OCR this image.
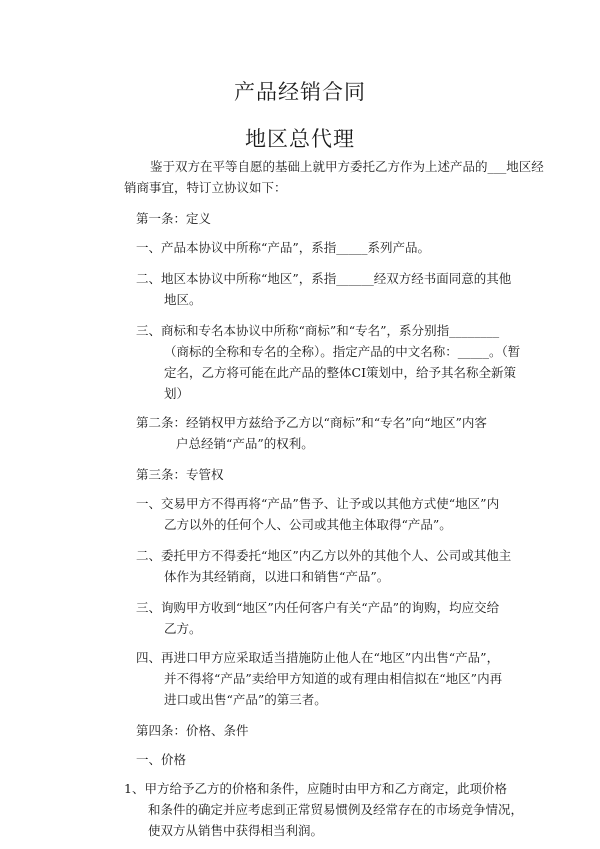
产品经销合同
地区总代理
鉴于双方在平等自愿的基础上就甲方委托乙方作为上述产品的___地区经
销商事宜，特订立协议如下：
第一条：定义
一、产品本协议中所称“产品”，系指_____系列产品。
二、地区本协议中所称“地区”，系指______经双方经书面同意的其他
地区。
三、商标和专名本协议中所称“商标”和“专名”，系分别指________
（商标的全称和专名的全称）。指定产品的中文名称：_____。（暂
定名，乙方将可能在此产品的整体CI策划中，给予其名称全新策
划）
第二条：经销权甲方兹给予乙方以“商标”和“专名”向“地区”内客
户总经销“产品”的权利。
第三条：专管权
一、交易甲方不得再将“产品”售予、让予或以其他方式使“地区”内
乙方以外的任何个人、公司或其他主体取得“产品”。
二、委托甲方不得委托“地区”内乙方以外的其他个人、公司或其他主
体作为其经销商，以进口和销售“产品”。
三、询购甲方收到“地区”内任何客户有关“产品”的询购，均应交给
乙方。
四、再进口甲方应采取适当措施防止他人在“地区”内出售“产品”，
并不得将“产品”卖给甲方知道的或有理由相信拟在“地区”内再
进口或出售“产品”的第三者。
第四条：价格、条件
一、价格
1、甲方给予乙方的价格和条件，应随时由甲方和乙方商定，此项价格
和条件的确定并应考虑到正常贸易惯例及经常存在的市场竞争情况，
使双方从销售中获得相当利润。
